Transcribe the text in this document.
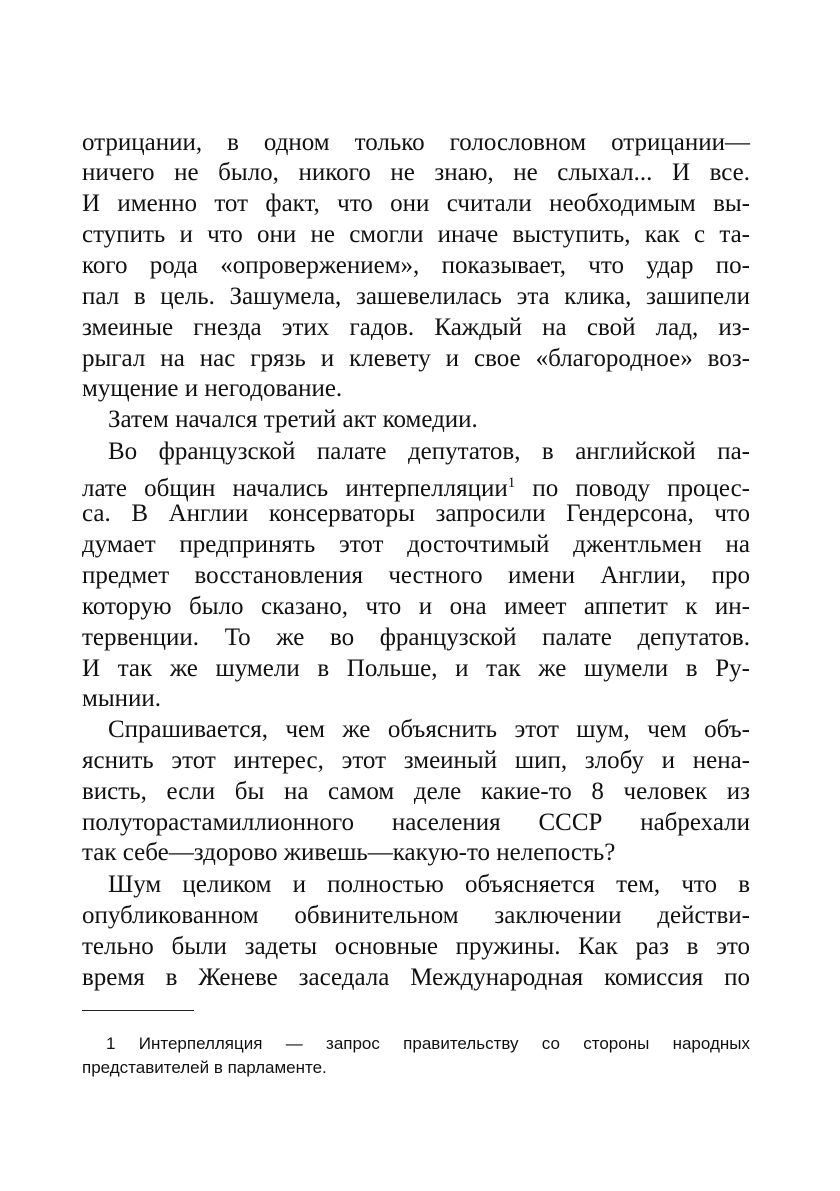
отрицании, в одном только голословном отрицании—

ничего не было, никого не знаю, не слыхал... И все.

И именно тот факт, что они считали необходимым вы-

ступить и что они не смогли иначе выступить, как с та-

кого рода «опровержением», показывает, что удар по-

пал в цель. Зашумела, зашевелилась эта клика, зашипели

змеиные гнезда этих гадов. Каждый на свой лад, из-

рыгал на нас грязь и клевету и свое «благородное» воз-

мущение и негодование.

Затем начался третий акт комедии.

Во французской палате депутатов, в английской па-

лате общин начались интерпелляции$^1$ по поводу процес-

са. В Англии консерваторы запросили Гендерсона, что

думает предпринять этот досточтимый джентльмен на

предмет восстановления честного имени Англии, про

которую было сказано, что и она имеет аппетит к ин-

тервенции. То же во французской палате депутатов.

И так же шумели в Польше, и так же шумели в Ру-

мынии.

Спрашивается, чем же объяснить этот шум, чем объ-

яснить этот интерес, этот змеиный шип, злобу и нена-

висть, если бы на самом деле какие-то 8 человек из

полуторастамиллионного населения СССР набрехали

так себе—здорово живешь—какую-то нелепость?

Шум целиком и полностью объясняется тем, что в

опубликованном обвинительном заключении действи-

тельно были задеты основные пружины. Как раз в это

время в Женеве заседала Международная комиссия по

1 Интерпелляция — запрос правительству со стороны народных

представителей в парламенте.
